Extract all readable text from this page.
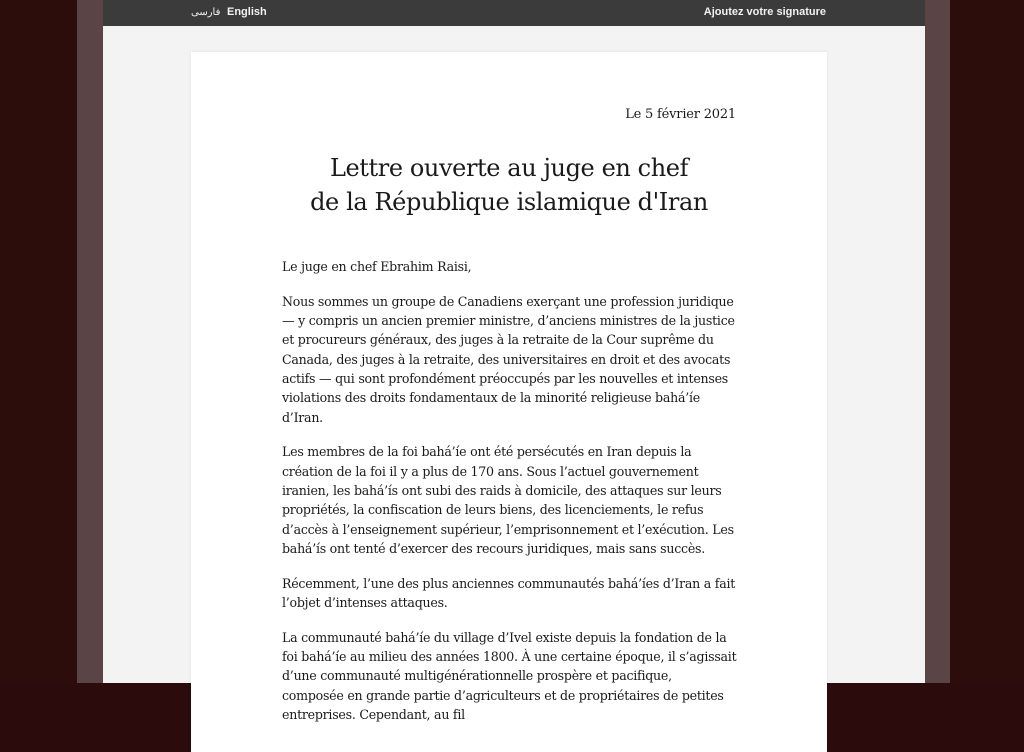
فارسی English	Ajoutez votre signature
Le 5 février 2021
Lettre ouverte au juge en chef
de la République islamique d'Iran

Le juge en chef Ebrahim Raisi,

Nous sommes un groupe de Canadiens exerçant une profession juridique — y compris un ancien premier ministre, d’anciens ministres de la justice et procureurs généraux, des juges à la retraite de la Cour suprême du Canada, des juges à la retraite, des universitaires en droit et des avocats actifs — qui sont profondément préoccupés par les nouvelles et intenses violations des droits fondamentaux de la minorité religieuse bahá’íe d’Iran.

Les membres de la foi bahá’íe ont été persécutés en Iran depuis la création de la foi il y a plus de 170 ans. Sous l’actuel gouvernement iranien, les bahá’ís ont subi des raids à domicile, des attaques sur leurs propriétés, la confiscation de leurs biens, des licenciements, le refus d’accès à l’enseignement supérieur, l’emprisonnement et l’exécution. Les bahá’ís ont tenté d’exercer des recours juridiques, mais sans succès.

Récemment, l’une des plus anciennes communautés bahá’íes d’Iran a fait l’objet d’intenses attaques.

La communauté bahá’íe du village d’Ivel existe depuis la fondation de la foi bahá’íe au milieu des années 1800. À une certaine époque, il s’agissait d’une communauté multigénérationnelle prospère et pacifique, composée en grande partie d’agriculteurs et de propriétaires de petites entreprises. Cependant, au fil
